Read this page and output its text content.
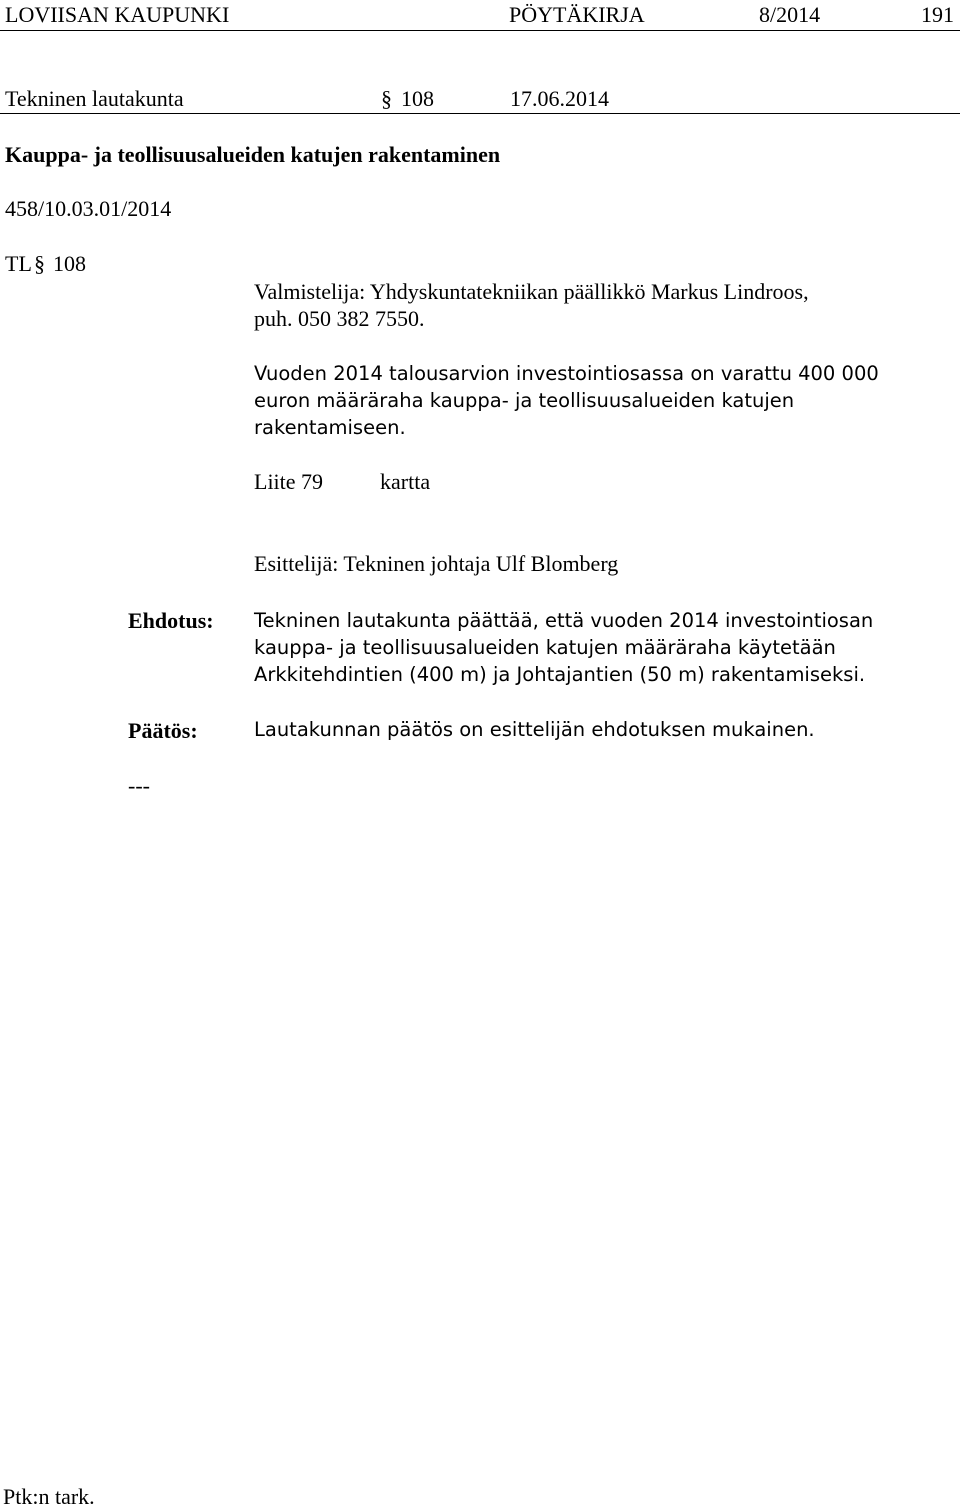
LOVIISAN KAUPUNKI	PÖYTÄKIRJA	8/2014	191
Tekninen lautakunta	§ 108	17.06.2014
Kauppa- ja teollisuusalueiden katujen rakentaminen
458/10.03.01/2014
TL § 108
Valmistelija: Yhdyskuntatekniikan päällikkö Markus Lindroos,
puh. 050 382 7550.
Vuoden 2014 talousarvion investointiosassa on varattu 400 000
euron määräraha kauppa- ja teollisuusalueiden katujen
rakentamiseen.
Liite 79	kartta
Esittelijä: Tekninen johtaja Ulf Blomberg
Ehdotus: Tekninen lautakunta päättää, että vuoden 2014 investointiosan
kauppa- ja teollisuusalueiden katujen määräraha käytetään
Arkkitehdintien (400 m) ja Johtajantien (50 m) rakentamiseksi.
Päätös:	Lautakunnan päätös on esittelijän ehdotuksen mukainen.
---
Ptk:n tark.
